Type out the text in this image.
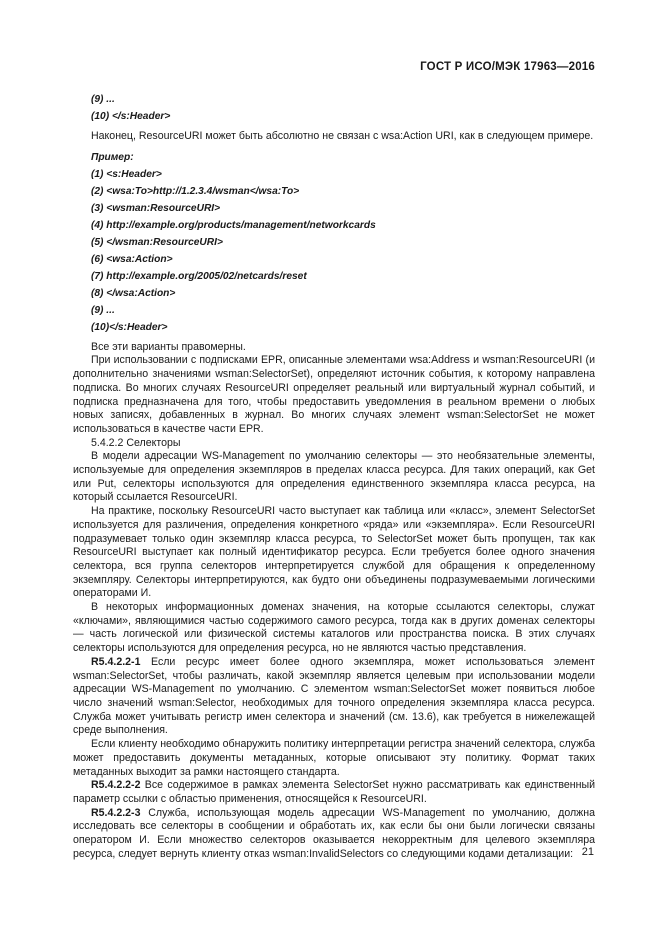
ГОСТ Р ИСО/МЭК 17963—2016
(9) ...
(10) </s:Header>

Наконец, ResourceURI может быть абсолютно не связан с wsa:Action URI, как в следующем примере.

Пример:
(1) <s:Header>
(2) <wsa:To>http://1.2.3.4/wsman</wsa:To>
(3) <wsman:ResourceURI>
(4) http://example.org/products/management/networkcards
(5) </wsman:ResourceURI>
(6) <wsa:Action>
(7) http://example.org/2005/02/netcards/reset
(8) </wsa:Action>
(9) ...
(10)</s:Header>

Все эти варианты правомерны.

При использовании с подписками EPR, описанные элементами wsa:Address и wsman:ResourceURI (и дополнительно значениями wsman:SelectorSet), определяют источник события, к которому направлена подписка. Во многих случаях ResourceURI определяет реальный или виртуальный журнал событий, и подписка предназначена для того, чтобы предоставить уведомления в реальном времени о любых новых записях, добавленных в журнал. Во многих случаях элемент wsman:SelectorSet не может использоваться в качестве части EPR.

5.4.2.2 Селекторы

В модели адресации WS-Management по умолчанию селекторы — это необязательные элементы, используемые для определения экземпляров в пределах класса ресурса. Для таких операций, как Get или Put, селекторы используются для определения единственного экземпляра класса ресурса, на который ссылается ResourceURI.

На практике, поскольку ResourceURI часто выступает как таблица или «класс», элемент SelectorSet используется для различения, определения конкретного «ряда» или «экземпляра». Если ResourceURI подразумевает только один экземпляр класса ресурса, то SelectorSet может быть пропущен, так как ResourceURI выступает как полный идентификатор ресурса. Если требуется более одного значения селектора, вся группа селекторов интерпретируется службой для обращения к определенному экземпляру. Селекторы интерпретируются, как будто они объединены подразумеваемыми логическими операторами И.

В некоторых информационных доменах значения, на которые ссылаются селекторы, служат «ключами», являющимися частью содержимого самого ресурса, тогда как в других доменах селекторы — часть логической или физической системы каталогов или пространства поиска. В этих случаях селекторы используются для определения ресурса, но не являются частью представления.

R5.4.2.2-1 Если ресурс имеет более одного экземпляра, может использоваться элемент wsman:SelectorSet, чтобы различать, какой экземпляр является целевым при использовании модели адресации WS-Management по умолчанию. С элементом wsman:SelectorSet может появиться любое число значений wsman:Selector, необходимых для точного определения экземпляра класса ресурса. Служба может учитывать регистр имен селектора и значений (см. 13.6), как требуется в нижележащей среде выполнения.

Если клиенту необходимо обнаружить политику интерпретации регистра значений селектора, служба может предоставить документы метаданных, которые описывают эту политику. Формат таких метаданных выходит за рамки настоящего стандарта.

R5.4.2.2-2 Все содержимое в рамках элемента SelectorSet нужно рассматривать как единственный параметр ссылки с областью применения, относящейся к ResourceURI.

R5.4.2.2-3 Служба, использующая модель адресации WS-Management по умолчанию, должна исследовать все селекторы в сообщении и обработать их, как если бы они были логически связаны оператором И. Если множество селекторов оказывается некорректным для целевого экземпляра ресурса, следует вернуть клиенту отказ wsman:InvalidSelectors со следующими кодами детализации: 21
